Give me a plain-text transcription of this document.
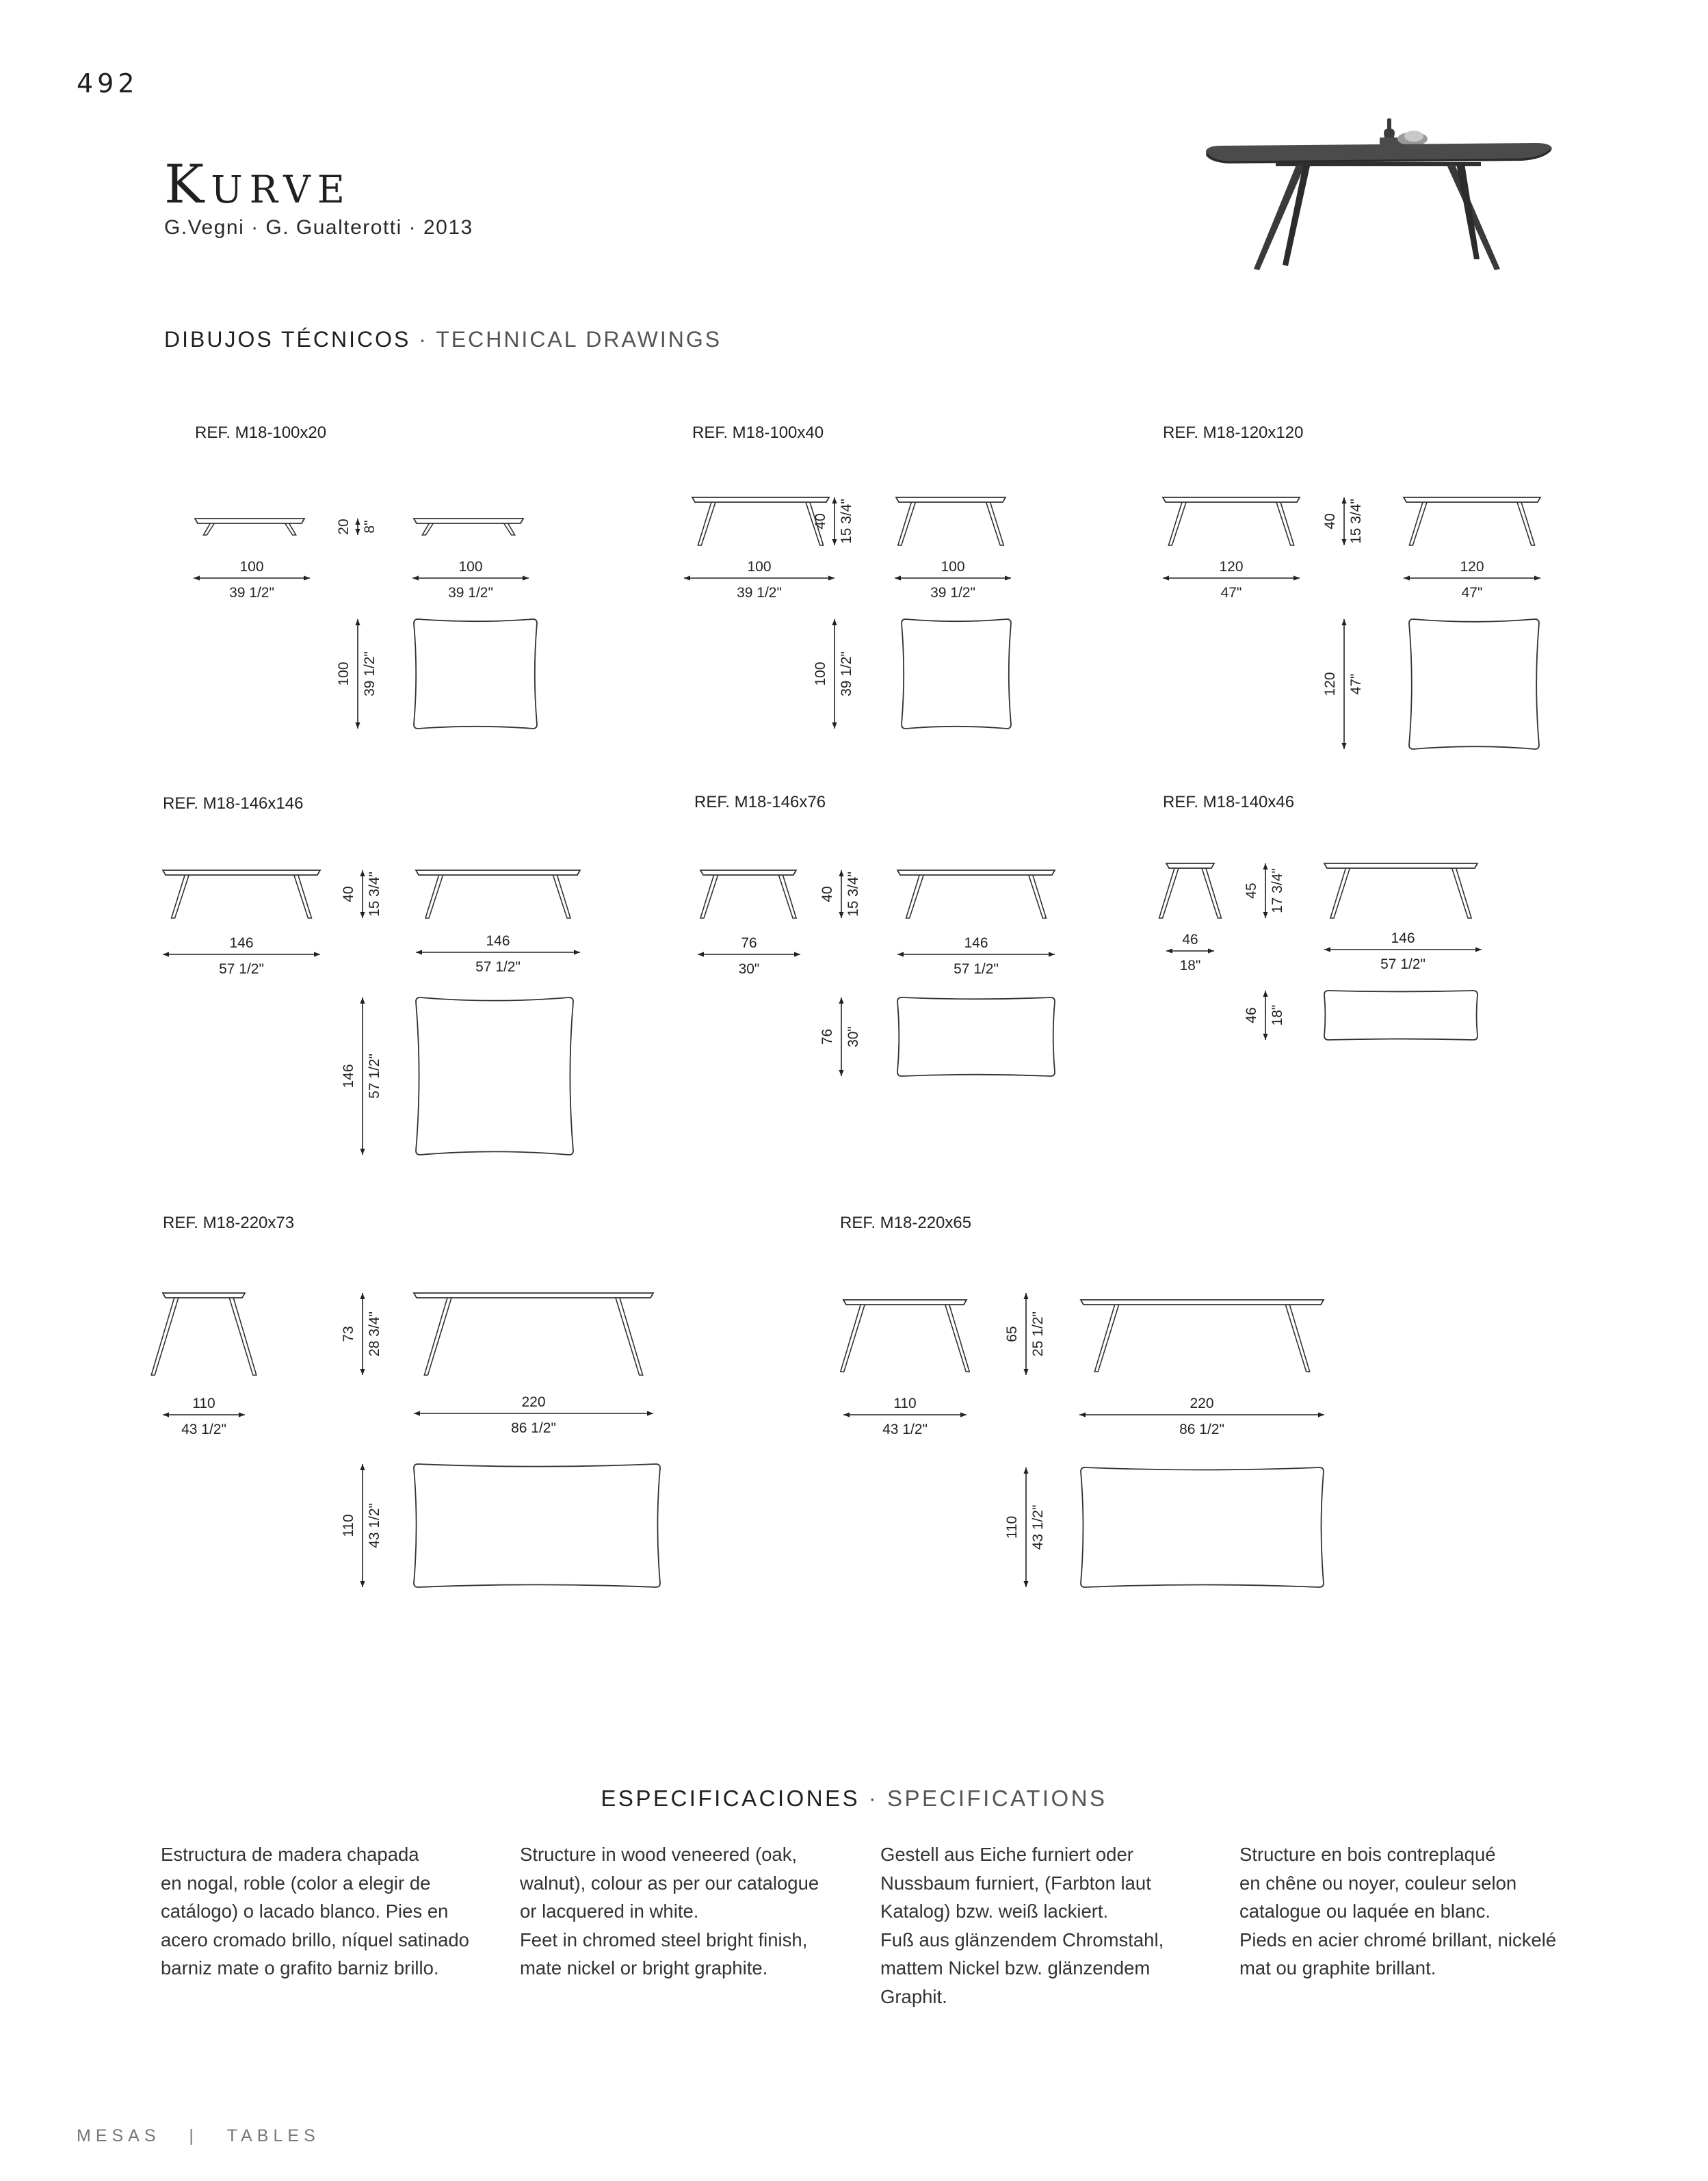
492
Kurve
G.Vegni · G. Gualterotti · 2013
DIBUJOS TÉCNICOS · TECHNICAL DRAWINGS
REF. M18-100x20
100
39 1/2"
20 8"
100
39 1/2"
100 39 1/2"
REF. M18-100x40
100
39 1/2"
40 15 3/4"
100
39 1/2"
100 39 1/2"
REF. M18-120x120
120
47"
40 15 3/4"
120
47"
120 47"
REF. M18-146x146
146
57 1/2"
40 15 3/4"
146
57 1/2"
146 57 1/2"
REF. M18-146x76
76
30"
40 15 3/4"
146
57 1/2"
76 30"
REF. M18-140x46
46
18"
45 17 3/4"
146
57 1/2"
46 18"
REF. M18-220x73
110
43 1/2"
73 28 3/4"
220
86 1/2"
110 43 1/2"
REF. M18-220x65
110
43 1/2"
65 25 1/2"
220
86 1/2"
110 43 1/2"
ESPECIFICACIONES · SPECIFICATIONS
Estructura de madera chapada
en nogal, roble (color a elegir de
catálogo) o lacado blanco. Pies en
acero cromado brillo, níquel satinado
barniz mate o grafito barniz brillo.
Structure in wood veneered (oak,
walnut), colour as per our catalogue
or lacquered in white.
Feet in chromed steel bright finish,
mate nickel or bright graphite.
Gestell aus Eiche furniert oder
Nussbaum furniert, (Farbton laut
Katalog) bzw. weiß lackiert.
Fuß aus glänzendem Chromstahl,
mattem Nickel bzw. glänzendem
Graphit.
Structure en bois contreplaqué
en chêne ou noyer, couleur selon
catalogue ou laquée en blanc.
Pieds en acier chromé brillant, nickelé
mat ou graphite brillant.
MESAS | TABLES
